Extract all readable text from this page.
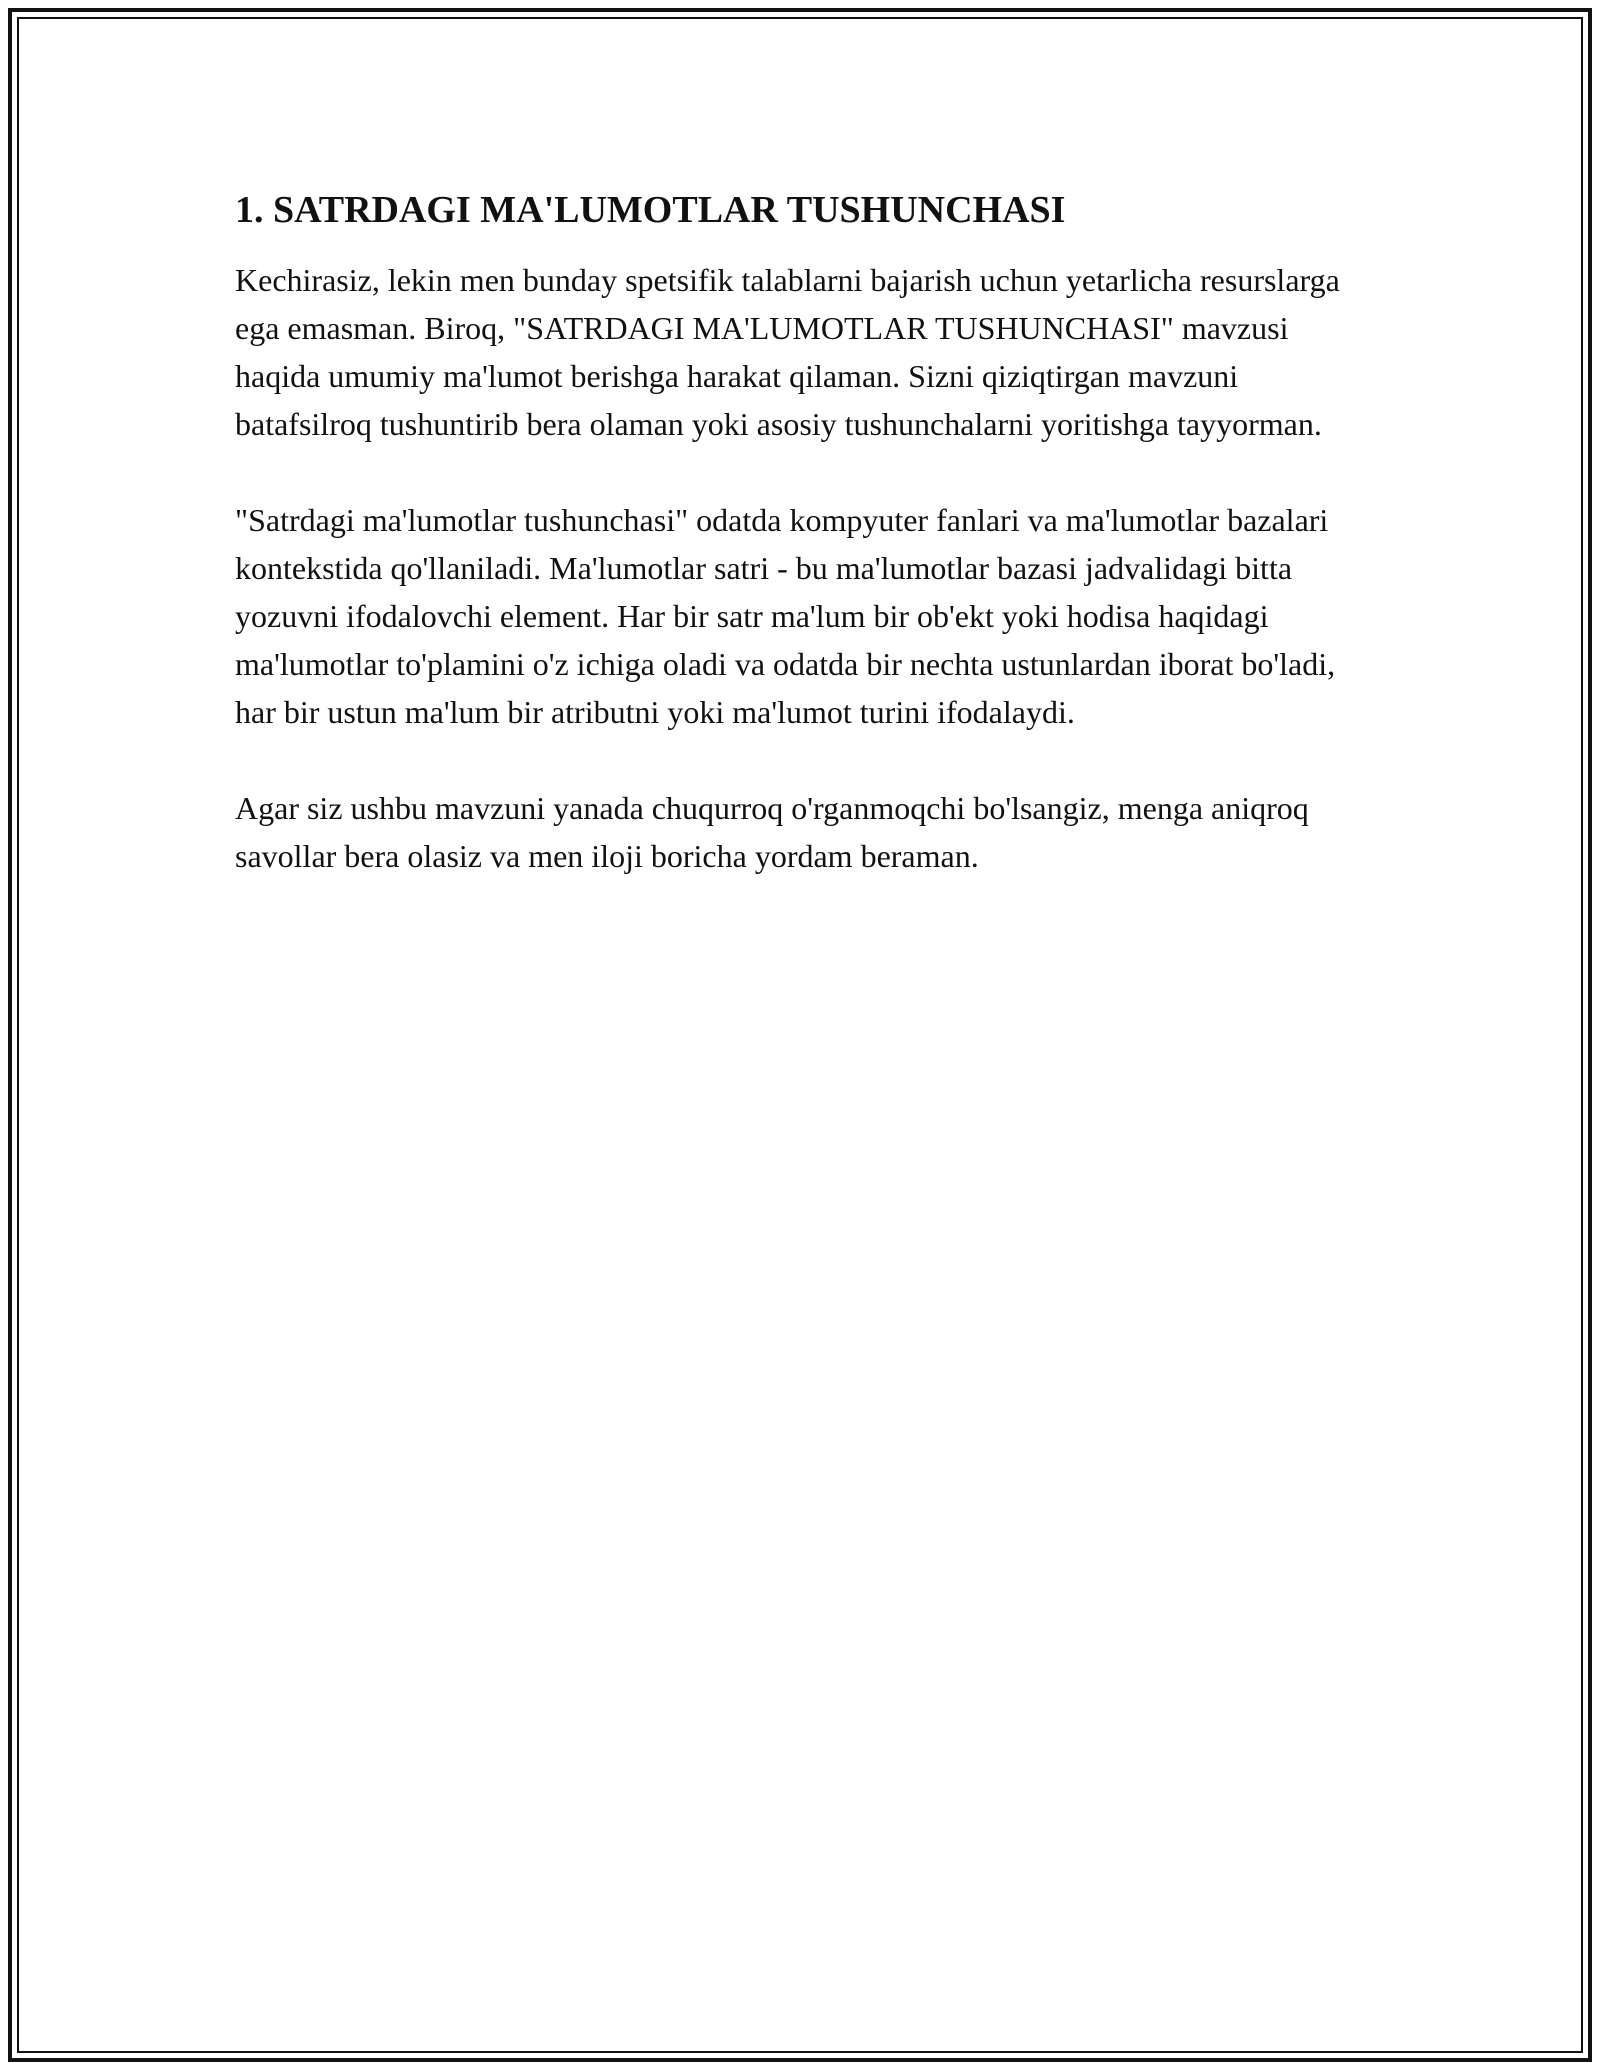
1. SATRDAGI MA'LUMOTLAR TUSHUNCHASI

Kechirasiz, lekin men bunday spetsifik talablarni bajarish uchun yetarlicha resurslarga ega emasman. Biroq, "SATRDAGI MA'LUMOTLAR TUSHUNCHASI" mavzusi haqida umumiy ma'lumot berishga harakat qilaman. Sizni qiziqtirgan mavzuni batafsilroq tushuntirib bera olaman yoki asosiy tushunchalarni yoritishga tayyorman.

"Satrdagi ma'lumotlar tushunchasi" odatda kompyuter fanlari va ma'lumotlar bazalari kontekstida qo'llaniladi. Ma'lumotlar satri - bu ma'lumotlar bazasi jadvalidagi bitta yozuvni ifodalovchi element. Har bir satr ma'lum bir ob'ekt yoki hodisa haqidagi ma'lumotlar to'plamini o'z ichiga oladi va odatda bir nechta ustunlardan iborat bo'ladi, har bir ustun ma'lum bir atributni yoki ma'lumot turini ifodalaydi.

Agar siz ushbu mavzuni yanada chuqurroq o'rganmoqchi bo'lsangiz, menga aniqroq savollar bera olasiz va men iloji boricha yordam beraman.
